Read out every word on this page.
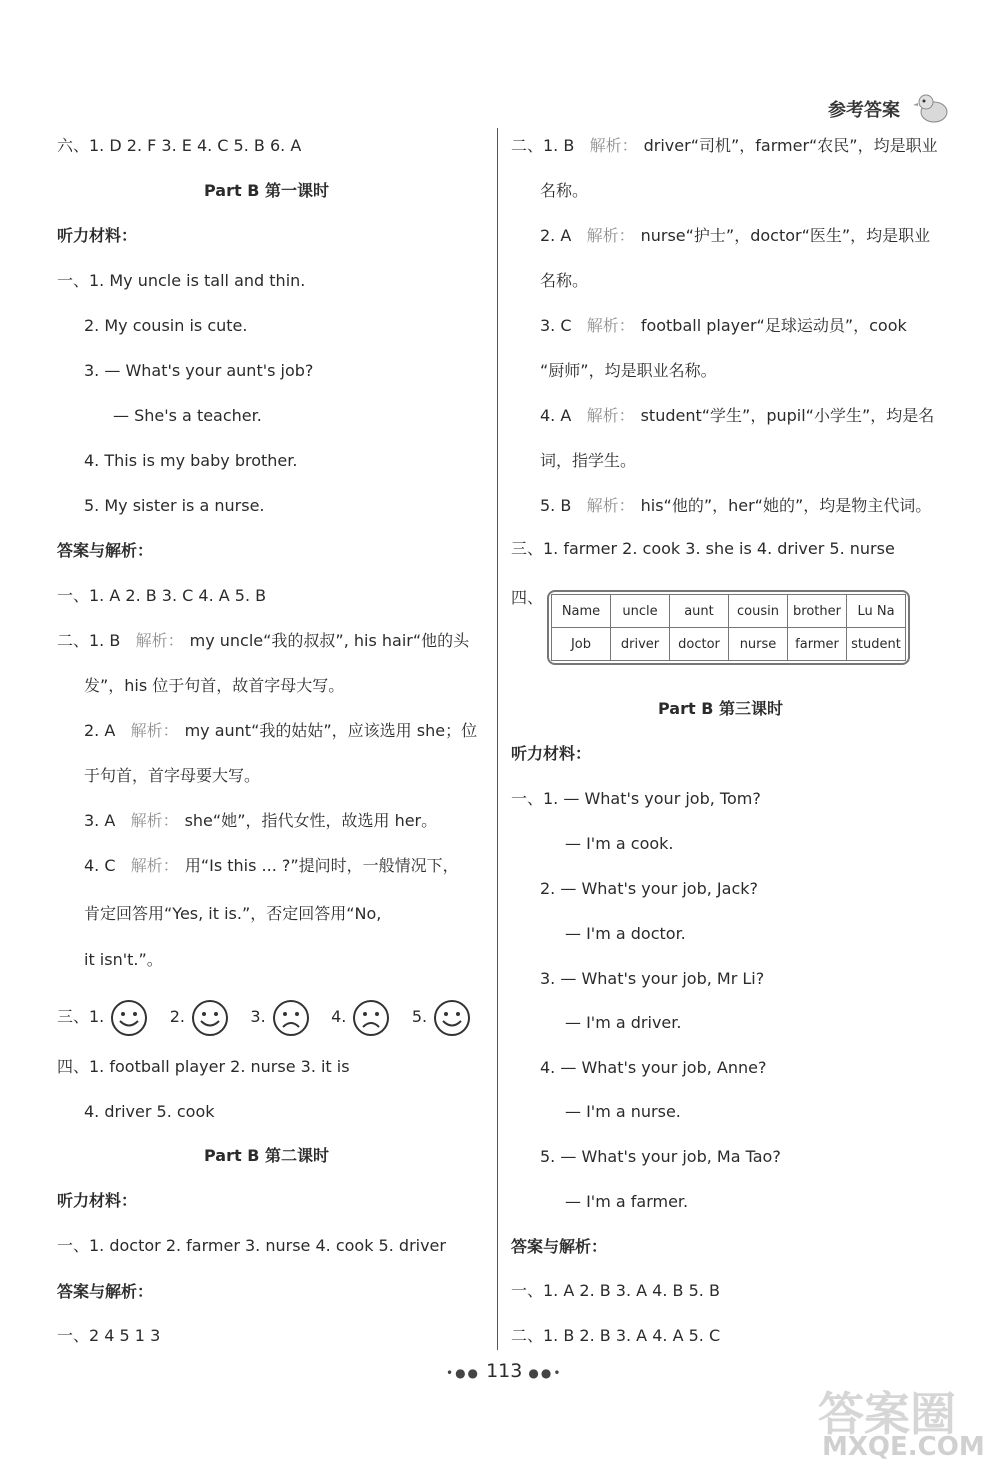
参考答案
六、1. D 2. F 3. E 4. C 5. B 6. A
Part B 第一课时
听力材料：
一、1. My uncle is tall and thin.
2. My cousin is cute.
3. — What's your aunt's job?
— She's a teacher.
4. This is my baby brother.
5. My sister is a nurse.
答案与解析：
一、1. A 2. B 3. C 4. A 5. B
二、1. B 解析： my uncle“我的叔叔”, his hair“他的头
发”，his 位于句首，故首字母大写。
2. A 解析： my aunt“我的姑姑”，应该选用 she；位
于句首，首字母要大写。
3. A 解析： she“她”，指代女性，故选用 her。
4. C 解析： 用“Is this ... ?”提问时，一般情况下，
肯定回答用“Yes, it is.”，否定回答用“No,
it isn't.”。
三、1.	2.	3.	4.	5.
四、1. football player 2. nurse 3. it is
4. driver 5. cook
Part B 第二课时
听力材料：
一、1. doctor 2. farmer 3. nurse 4. cook 5. driver
答案与解析：
一、2 4 5 1 3
二、1. B 解析： driver“司机”，farmer“农民”，均是职业
名称。
2. A 解析： nurse“护士”，doctor“医生”，均是职业
名称。
3. C 解析： football player“足球运动员”，cook
“厨师”，均是职业名称。
4. A 解析： student“学生”，pupil“小学生”，均是名
词，指学生。
5. B 解析： his“他的”，her“她的”，均是物主代词。
三、1. farmer 2. cook 3. she is 4. driver 5. nurse
四、
Name	uncle	aunt	cousin	brother	Lu Na
Job	driver	doctor	nurse	farmer	student
Part B 第三课时
听力材料：
一、1. — What's your job, Tom?
— I'm a cook.
2. — What's your job, Jack?
— I'm a doctor.
3. — What's your job, Mr Li?
— I'm a driver.
4. — What's your job, Anne?
— I'm a nurse.
5. — What's your job, Ma Tao?
— I'm a farmer.
答案与解析：
一、1. A 2. B 3. A 4. B 5. B
二、1. B 2. B 3. A 4. A 5. C
•●● 113 ●●•
答案圈
MXQE.COM
